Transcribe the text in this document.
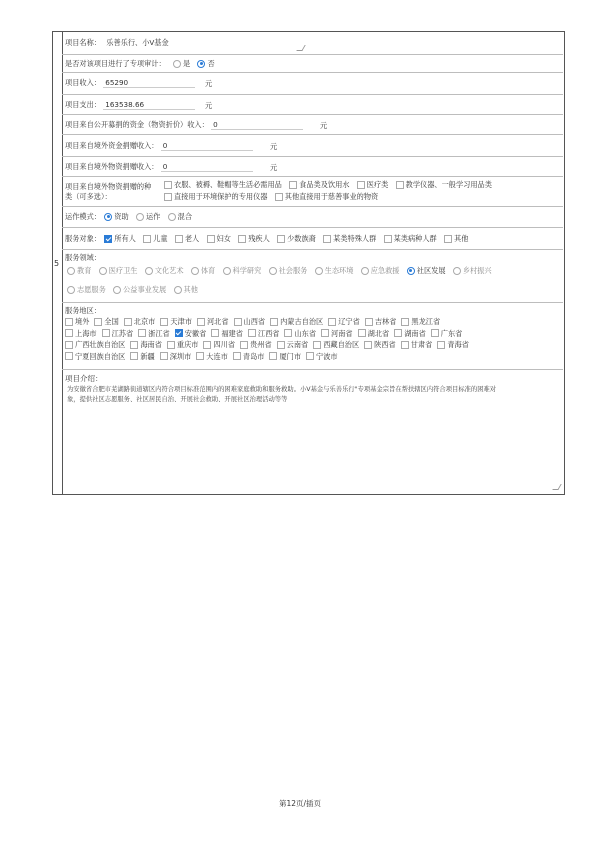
5
项目名称： 乐善乐行、小V基金
是否对该项目进行了专项审计： 是 否
项目收入： 65290	元
项目支出： 163538.66	元
项目来自公开募捐的资金（物资折价）收入： 0	元
项目来自境外资金捐赠收入： 0	元
项目来自境外物资捐赠收入： 0	元
项目来自境外物资捐赠的种
类（可多选）：
衣服、被褥、鞋帽等生活必需用品 食品类及饮用水 医疗类 教学仪器、一般学习用品类
直接用于环境保护的专用仪器 其他直接用于慈善事业的物资
运作模式： 资助 运作 混合
服务对象： 所有人 儿童 老人 妇女 残疾人 少数族裔 某类特殊人群 某类病种人群 其他
服务领域：
教育 医疗卫生 文化艺术 体育 科学研究 社会服务 生态环境 应急救援 社区发展 乡村振兴
志愿服务 公益事业发展 其他
服务地区：
境外 全国 北京市 天津市 河北省 山西省 内蒙古自治区 辽宁省 吉林省 黑龙江省
上海市 江苏省 浙江省 安徽省 福建省 江西省 山东省 河南省 湖北省 湖南省 广东省
广西壮族自治区 海南省 重庆市 四川省 贵州省 云南省 西藏自治区 陕西省 甘肃省 青海省
宁夏回族自治区 新疆 深圳市 大连市 青岛市 厦门市 宁波市
项目介绍：
为安徽省合肥市芜湖路街道辖区内符合项目标准范围内的困难家庭救助和服务救助。小V基金与乐善乐行"专项基金宗旨在帮扶辖区内符合项目标准的困难对
象，提供社区志愿服务、社区居民自治、开展社会救助、开展社区治理活动等等
第12页/插页
